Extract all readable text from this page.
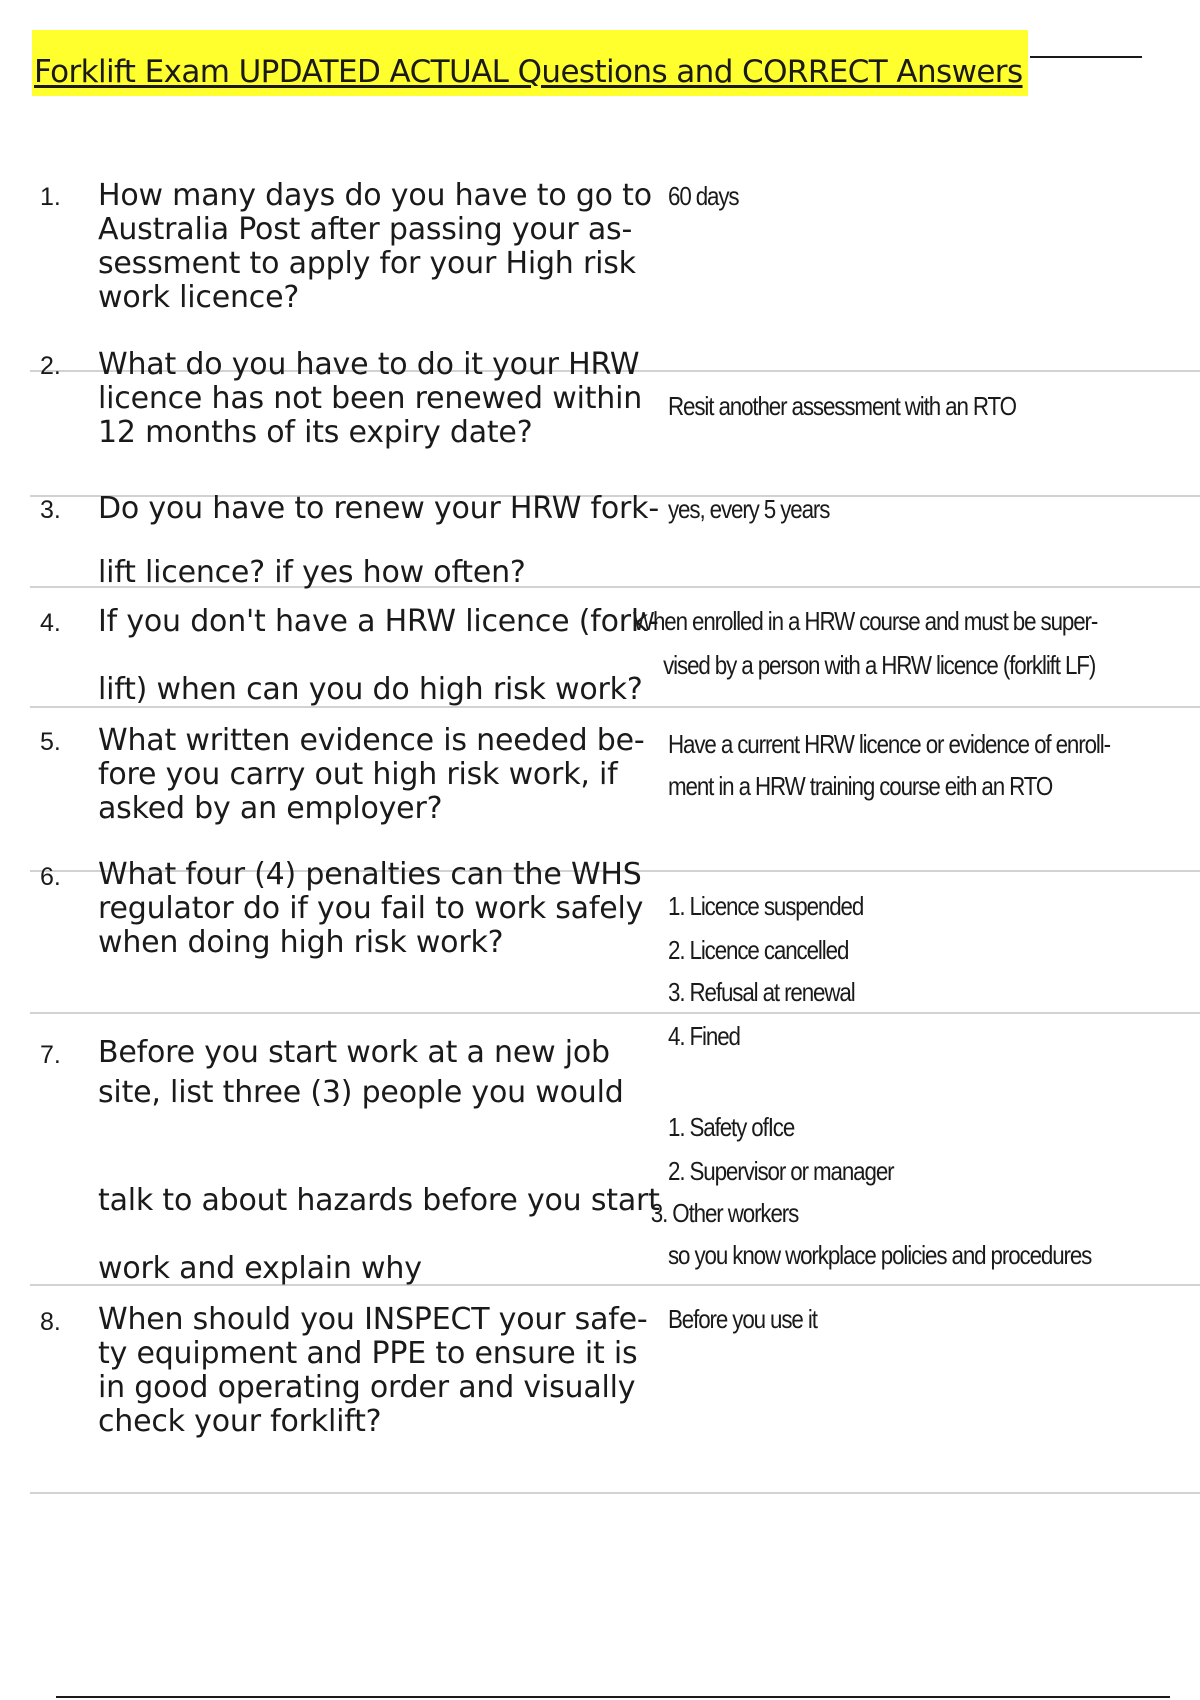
Forklift Exam UPDATED ACTUAL Questions and CORRECT Answers
1. How many days do you have to go to
Australia Post after passing your as-
sessment to apply for your High risk
work licence?
60 days
2. What do you have to do it your HRW
licence has not been renewed within
12 months of its expiry date?
Resit another assessment with an RTO
3. Do you have to renew your HRW fork-
lift licence? if yes how often?
yes, every 5 years
4. If you don't have a HRW licence (fork-
lift) when can you do high risk work?
When enrolled in a HRW course and must be super-
vised by a person with a HRW licence (forklift LF)
5. What written evidence is needed be-
fore you carry out high risk work, if
asked by an employer?
Have a current HRW licence or evidence of enroll-
ment in a HRW training course eith an RTO
6. What four (4) penalties can the WHS
regulator do if you fail to work safely
when doing high risk work?
1. Licence suspended
2. Licence cancelled
3. Refusal at renewal
4. Fined
7. Before you start work at a new job
site, list three (3) people you would
talk to about hazards before you start
work and explain why
1. Safety ofIce
2. Supervisor or manager
3. Other workers
so you know workplace policies and procedures
8. When should you INSPECT your safe-
ty equipment and PPE to ensure it is
in good operating order and visually
check your forklift?
Before you use it
